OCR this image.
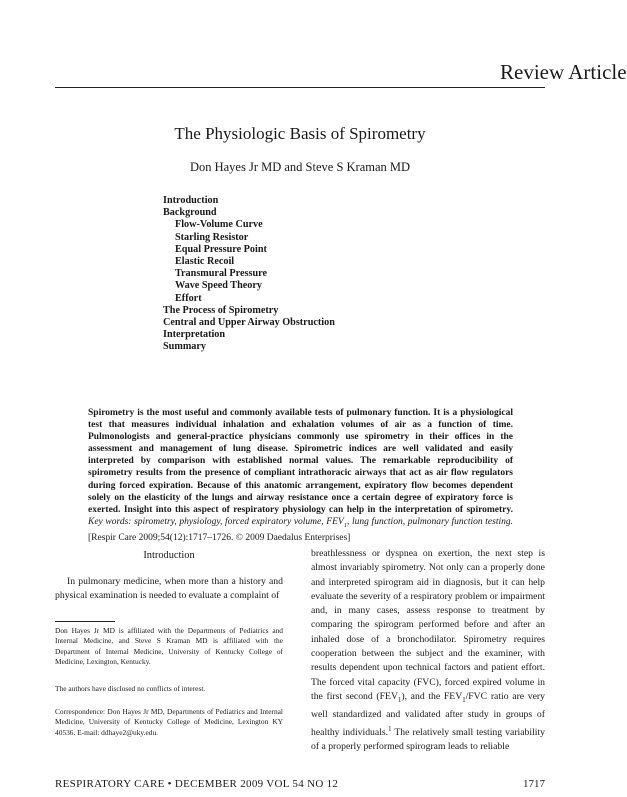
Review Article
The Physiologic Basis of Spirometry
Don Hayes Jr MD and Steve S Kraman MD
Introduction
Background
Flow-Volume Curve
Starling Resistor
Equal Pressure Point
Elastic Recoil
Transmural Pressure
Wave Speed Theory
Effort
The Process of Spirometry
Central and Upper Airway Obstruction
Interpretation
Summary

Spirometry is the most useful and commonly available tests of pulmonary function. It is a physiological test that measures individual inhalation and exhalation volumes of air as a function of time. Pulmonologists and general-practice physicians commonly use spirometry in their offices in the assessment and management of lung disease. Spirometric indices are well validated and easily interpreted by comparison with established normal values. The remarkable reproducibility of spirometry results from the presence of compliant intrathoracic airways that act as air flow regulators during forced expiration. Because of this anatomic arrangement, expiratory flow becomes dependent solely on the elasticity of the lungs and airway resistance once a certain degree of expiratory force is exerted. Insight into this aspect of respiratory physiology can help in the interpretation of spirometry. Key words: spirometry, physiology, forced expiratory volume, $FEV_1$, lung function, pulmonary function testing. [Respir Care 2009;54(12):1717–1726. © 2009 Daedalus Enterprises]

Introduction

In pulmonary medicine, when more than a history and physical examination is needed to evaluate a complaint of

breathlessness or dyspnea on exertion, the next step is almost invariably spirometry. Not only can a properly done and interpreted spirogram aid in diagnosis, but it can help evaluate the severity of a respiratory problem or impairment and, in many cases, assess response to treatment by comparing the spirogram performed before and after an inhaled dose of a bronchodilator. Spirometry requires cooperation between the subject and the examiner, with results dependent upon technical factors and patient effort. The forced vital capacity (FVC), forced expired volume in the first second $(FEV_1)$, and the $FEV_1$/FVC ratio are very well standardized and validated after study in groups of healthy individuals.$^1$ The relatively small testing variability of a properly performed spirogram leads to reliable

Don Hayes Jr MD is affiliated with the Departments of Pediatrics and Internal Medicine, and Steve S Kraman MD is affiliated with the Department of Internal Medicine, University of Kentucky College of Medicine, Lexington, Kentucky.

The authors have disclosed no conflicts of interest.

Correspondence: Don Hayes Jr MD, Departments of Pediatrics and Internal Medicine, University of Kentucky College of Medicine, Lexington KY 40536. E-mail: ddhaye2@uky.edu.

RESPIRATORY CARE • DECEMBER 2009 VOL 54 NO 12	1717
